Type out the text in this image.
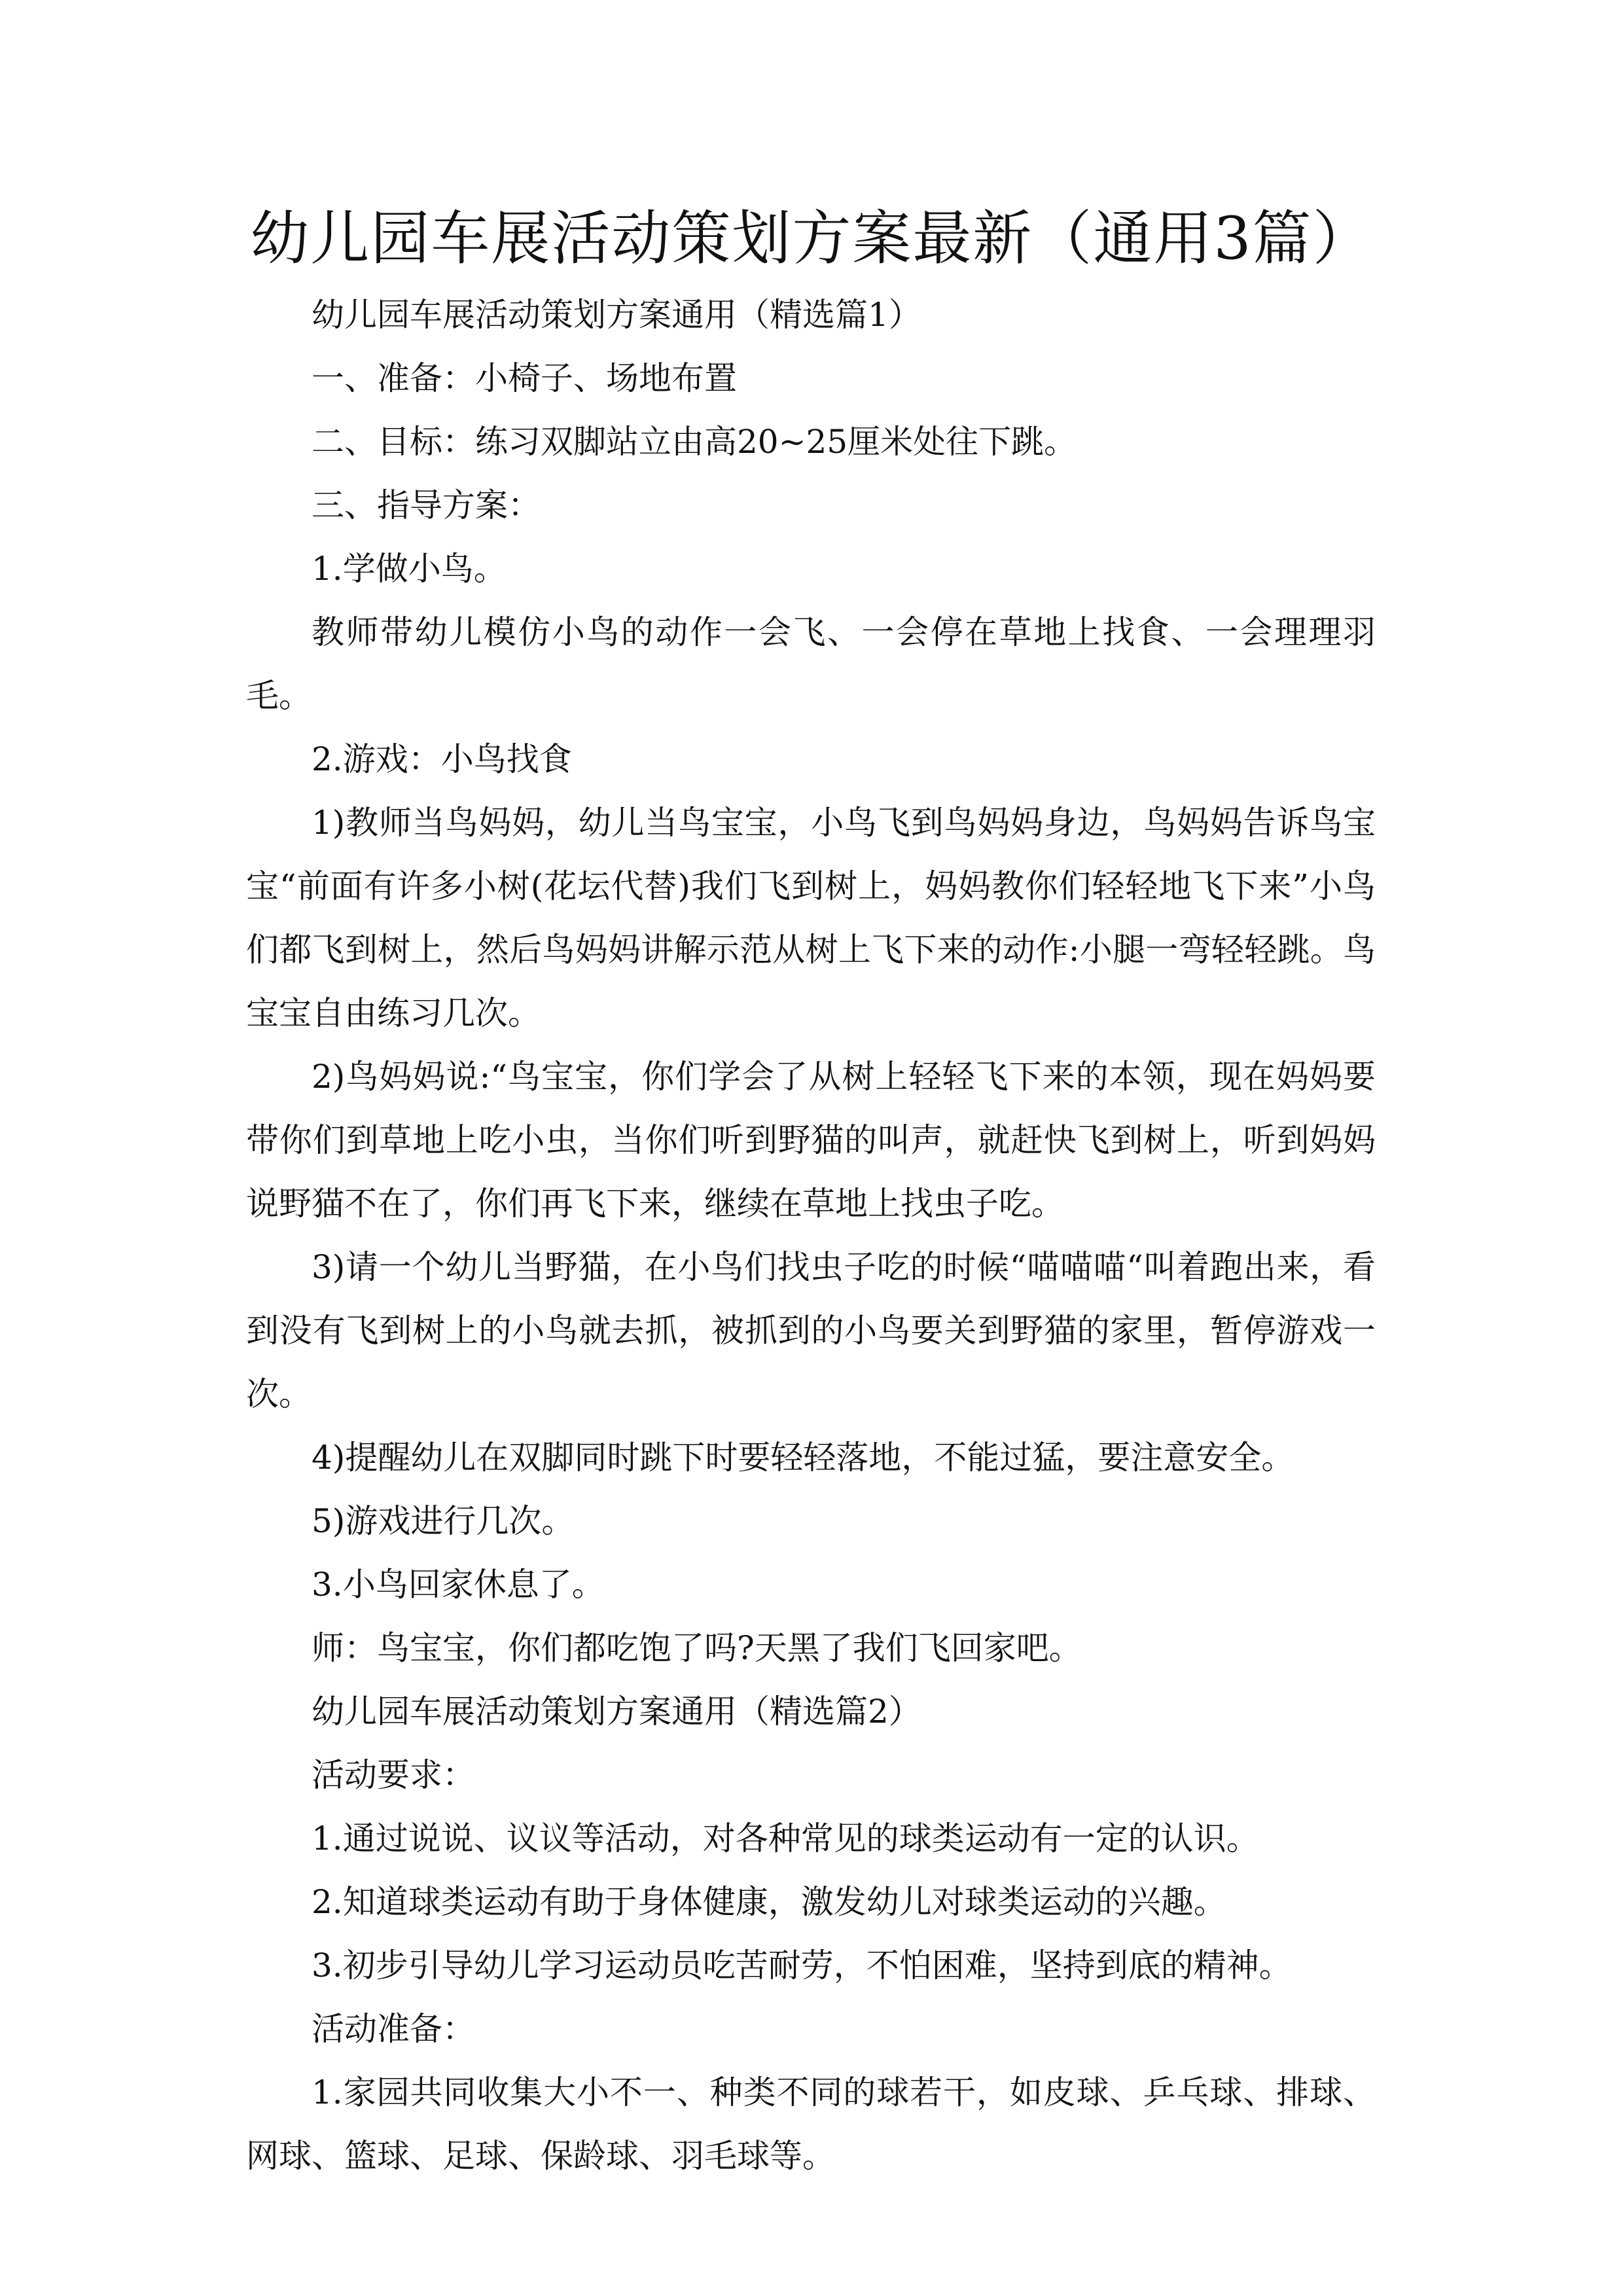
幼儿园车展活动策划方案最新（通用3篇）

幼儿园车展活动策划方案通用（精选篇1）

一、准备：小椅子、场地布置

二、目标：练习双脚站立由高20~25厘米处往下跳。

三、指导方案：

1.学做小鸟。

教师带幼儿模仿小鸟的动作一会飞、一会停在草地上找食、一会理理羽毛。

2.游戏：小鸟找食

1)教师当鸟妈妈，幼儿当鸟宝宝，小鸟飞到鸟妈妈身边，鸟妈妈告诉鸟宝宝“前面有许多小树(花坛代替)我们飞到树上，妈妈教你们轻轻地飞下来”小鸟们都飞到树上，然后鸟妈妈讲解示范从树上飞下来的动作:小腿一弯轻轻跳。鸟宝宝自由练习几次。

2)鸟妈妈说:“鸟宝宝，你们学会了从树上轻轻飞下来的本领，现在妈妈要带你们到草地上吃小虫，当你们听到野猫的叫声，就赶快飞到树上，听到妈妈说野猫不在了，你们再飞下来，继续在草地上找虫子吃。

3)请一个幼儿当野猫，在小鸟们找虫子吃的时候“喵喵喵“叫着跑出来，看到没有飞到树上的小鸟就去抓，被抓到的小鸟要关到野猫的家里，暂停游戏一次。

4)提醒幼儿在双脚同时跳下时要轻轻落地，不能过猛，要注意安全。

5)游戏进行几次。

3.小鸟回家休息了。

师：鸟宝宝，你们都吃饱了吗?天黑了我们飞回家吧。

幼儿园车展活动策划方案通用（精选篇2）

活动要求：

1.通过说说、议议等活动，对各种常见的球类运动有一定的认识。

2.知道球类运动有助于身体健康，激发幼儿对球类运动的兴趣。

3.初步引导幼儿学习运动员吃苦耐劳，不怕困难，坚持到底的精神。

活动准备：

1.家园共同收集大小不一、种类不同的球若干，如皮球、乒乓球、排球、网球、篮球、足球、保龄球、羽毛球等。
